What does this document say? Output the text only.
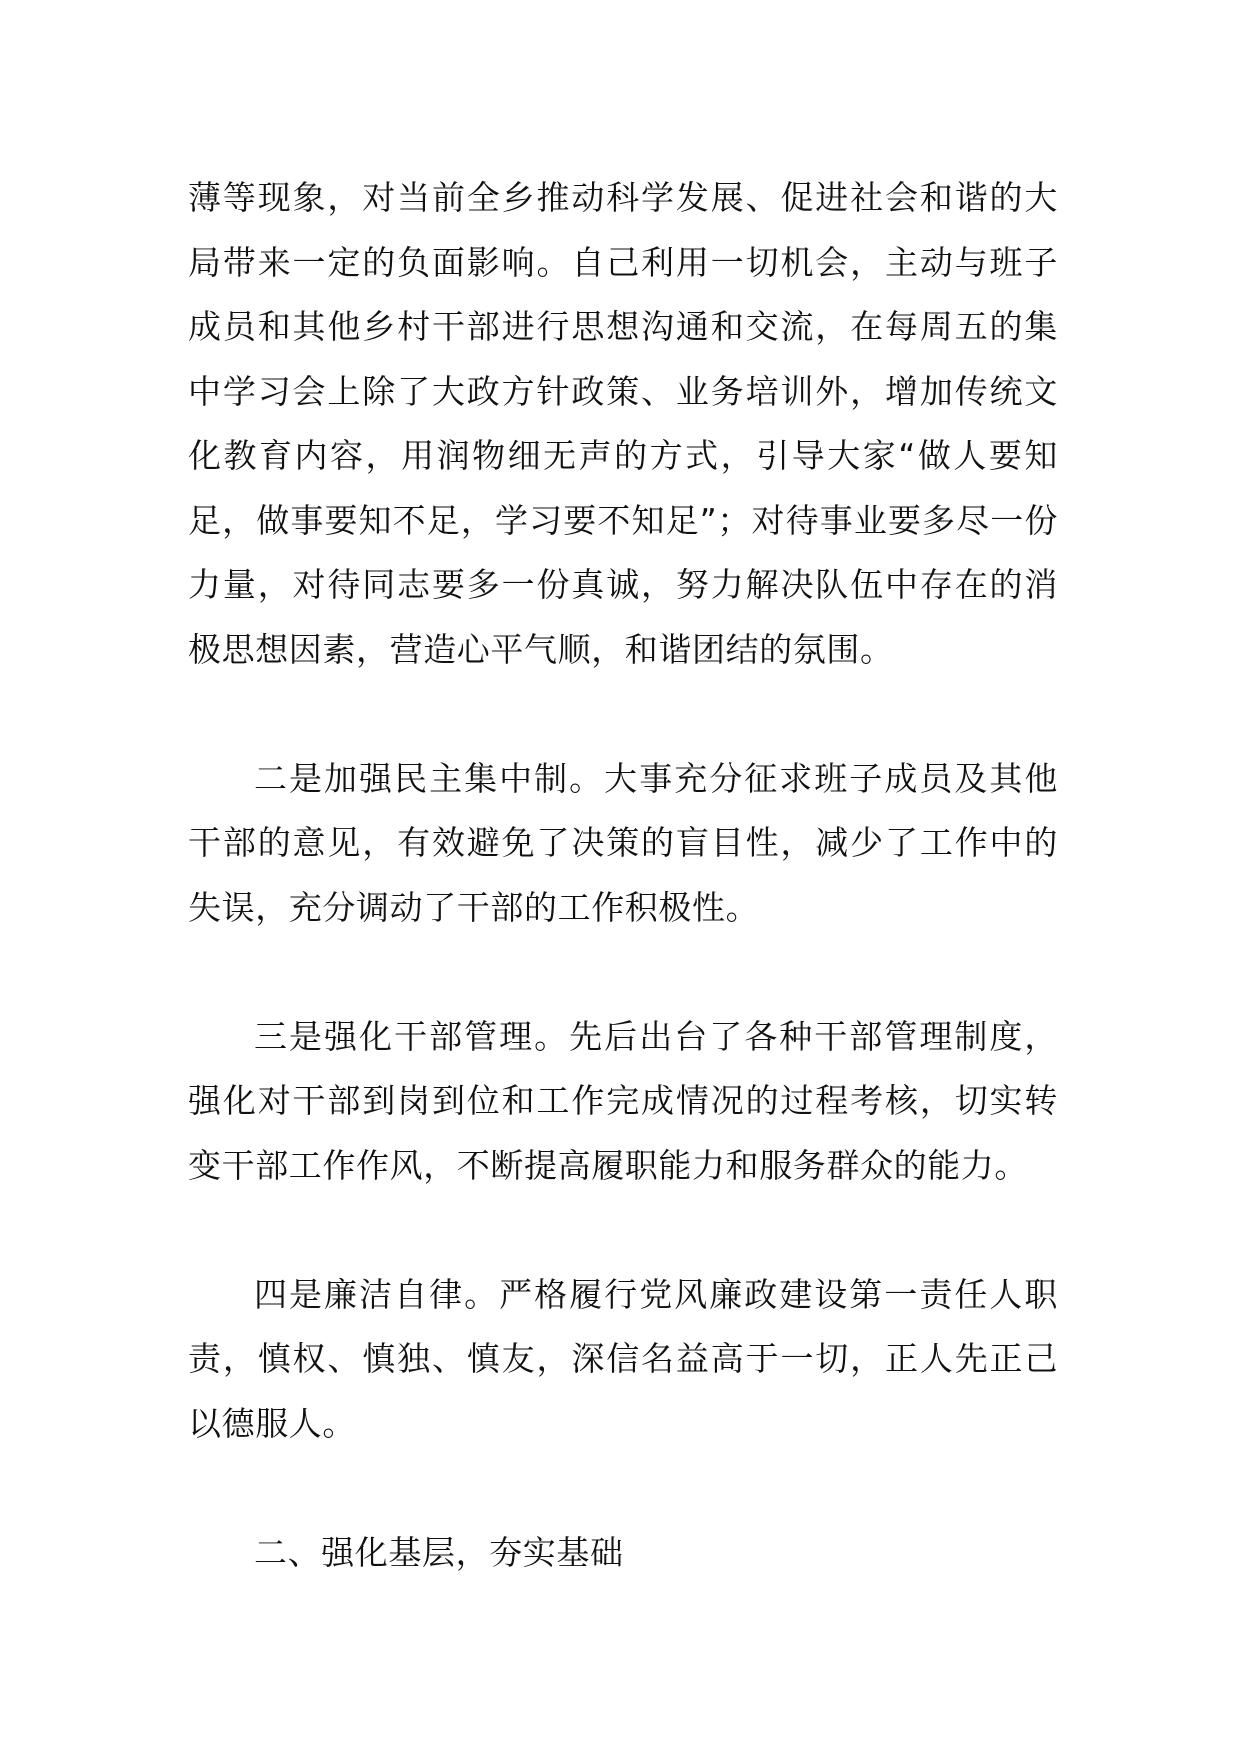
薄等现象，对当前全乡推动科学发展、促进社会和谐的大局带来一定的负面影响。自己利用一切机会，主动与班子成员和其他乡村干部进行思想沟通和交流，在每周五的集中学习会上除了大政方针政策、业务培训外，增加传统文化教育内容，用润物细无声的方式，引导大家“做人要知足，做事要知不足，学习要不知足”；对待事业要多尽一份力量，对待同志要多一份真诚，努力解决队伍中存在的消极思想因素，营造心平气顺，和谐团结的氛围。

二是加强民主集中制。大事充分征求班子成员及其他干部的意见，有效避免了决策的盲目性，减少了工作中的失误，充分调动了干部的工作积极性。

三是强化干部管理。先后出台了各种干部管理制度，强化对干部到岗到位和工作完成情况的过程考核，切实转变干部工作作风，不断提高履职能力和服务群众的能力。

四是廉洁自律。严格履行党风廉政建设第一责任人职责，慎权、慎独、慎友，深信名益高于一切，正人先正己以德服人。

二、强化基层，夯实基础
